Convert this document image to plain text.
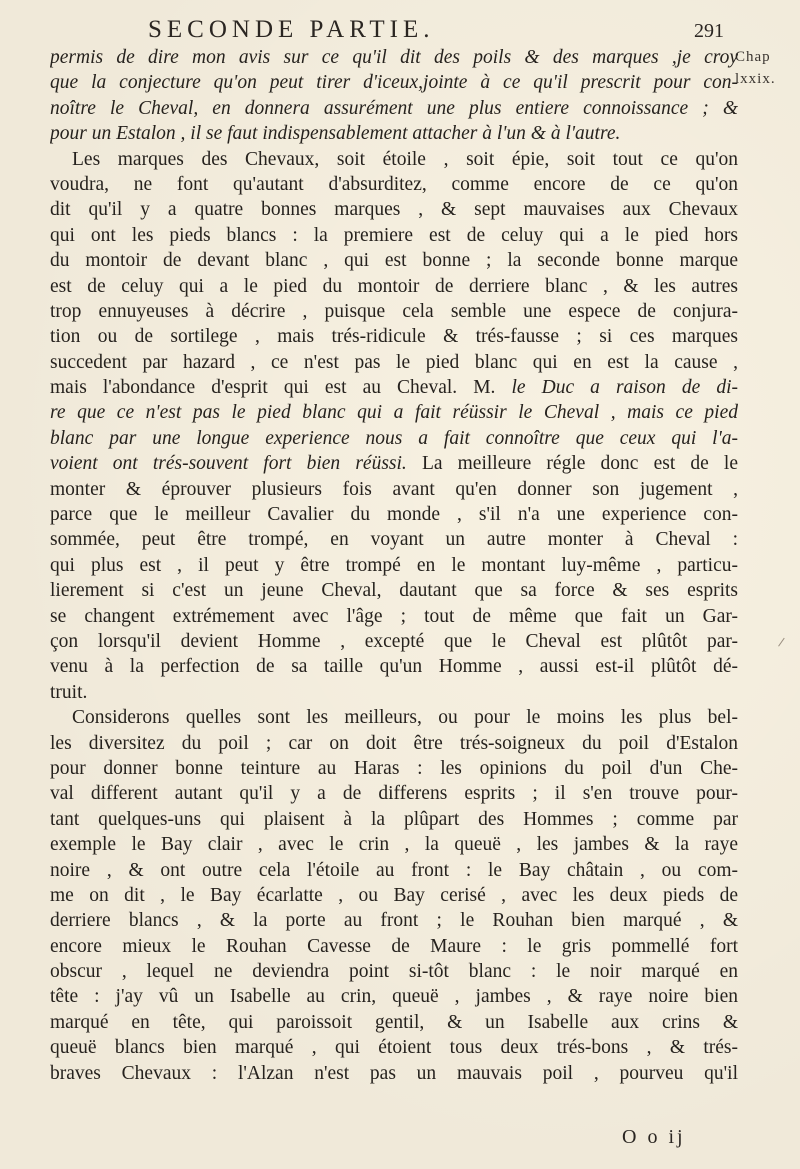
SECONDE PARTIE.	291
Chap
lxxix.
permis de dire mon avis sur ce qu'il dit des poils & des marques ,je croy
que la conjecture qu'on peut tirer d'iceux,jointe à ce qu'il prescrit pour con-
noître le Cheval, en donnera assurément une plus entiere connoissance ; &
pour un Estalon , il se faut indispensablement attacher à l'un & à l'autre.
Les marques des Chevaux, soit étoile , soit épie, soit tout ce qu'on
voudra, ne font qu'autant d'absurditez, comme encore de ce qu'on
dit qu'il y a quatre bonnes marques , & sept mauvaises aux Chevaux
qui ont les pieds blancs : la premiere est de celuy qui a le pied hors
du montoir de devant blanc , qui est bonne ; la seconde bonne marque
est de celuy qui a le pied du montoir de derriere blanc , & les autres
trop ennuyeuses à décrire , puisque cela semble une espece de conjura-
tion ou de sortilege , mais trés-ridicule & trés-fausse ; si ces marques
succedent par hazard , ce n'est pas le pied blanc qui en est la cause ,
mais l'abondance d'esprit qui est au Cheval. M. le Duc a raison de di-
re que ce n'est pas le pied blanc qui a fait réüssir le Cheval , mais ce pied
blanc par une longue experience nous a fait connoître que ceux qui l'a-
voient ont trés-souvent fort bien réüssi. La meilleure régle donc est de le
monter & éprouver plusieurs fois avant qu'en donner son jugement ,
parce que le meilleur Cavalier du monde , s'il n'a une experience con-
sommée, peut être trompé, en voyant un autre monter à Cheval :
qui plus est , il peut y être trompé en le montant luy-même , particu-
lierement si c'est un jeune Cheval, dautant que sa force & ses esprits
se changent extrémement avec l'âge ; tout de même que fait un Gar-
çon lorsqu'il devient Homme , excepté que le Cheval est plûtôt par-
venu à la perfection de sa taille qu'un Homme , aussi est-il plûtôt dé-
truit.
Considerons quelles sont les meilleurs, ou pour le moins les plus bel-
les diversitez du poil ; car on doit être trés-soigneux du poil d'Estalon
pour donner bonne teinture au Haras : les opinions du poil d'un Che-
val different autant qu'il y a de differens esprits ; il s'en trouve pour-
tant quelques-uns qui plaisent à la plûpart des Hommes ; comme par
exemple le Bay clair , avec le crin , la queuë , les jambes & la raye
noire , & ont outre cela l'étoile au front : le Bay châtain , ou com-
me on dit , le Bay écarlatte , ou Bay cerisé , avec les deux pieds de
derriere blancs , & la porte au front ; le Rouhan bien marqué , &
encore mieux le Rouhan Cavesse de Maure : le gris pommellé fort
obscur , lequel ne deviendra point si-tôt blanc : le noir marqué en
tête : j'ay vû un Isabelle au crin, queuë , jambes , & raye noire bien
marqué en tête, qui paroissoit gentil, & un Isabelle aux crins &
queuë blancs bien marqué , qui étoient tous deux trés-bons , & trés-
braves Chevaux : l'Alzan n'est pas un mauvais poil , pourveu qu'il
O o ij
